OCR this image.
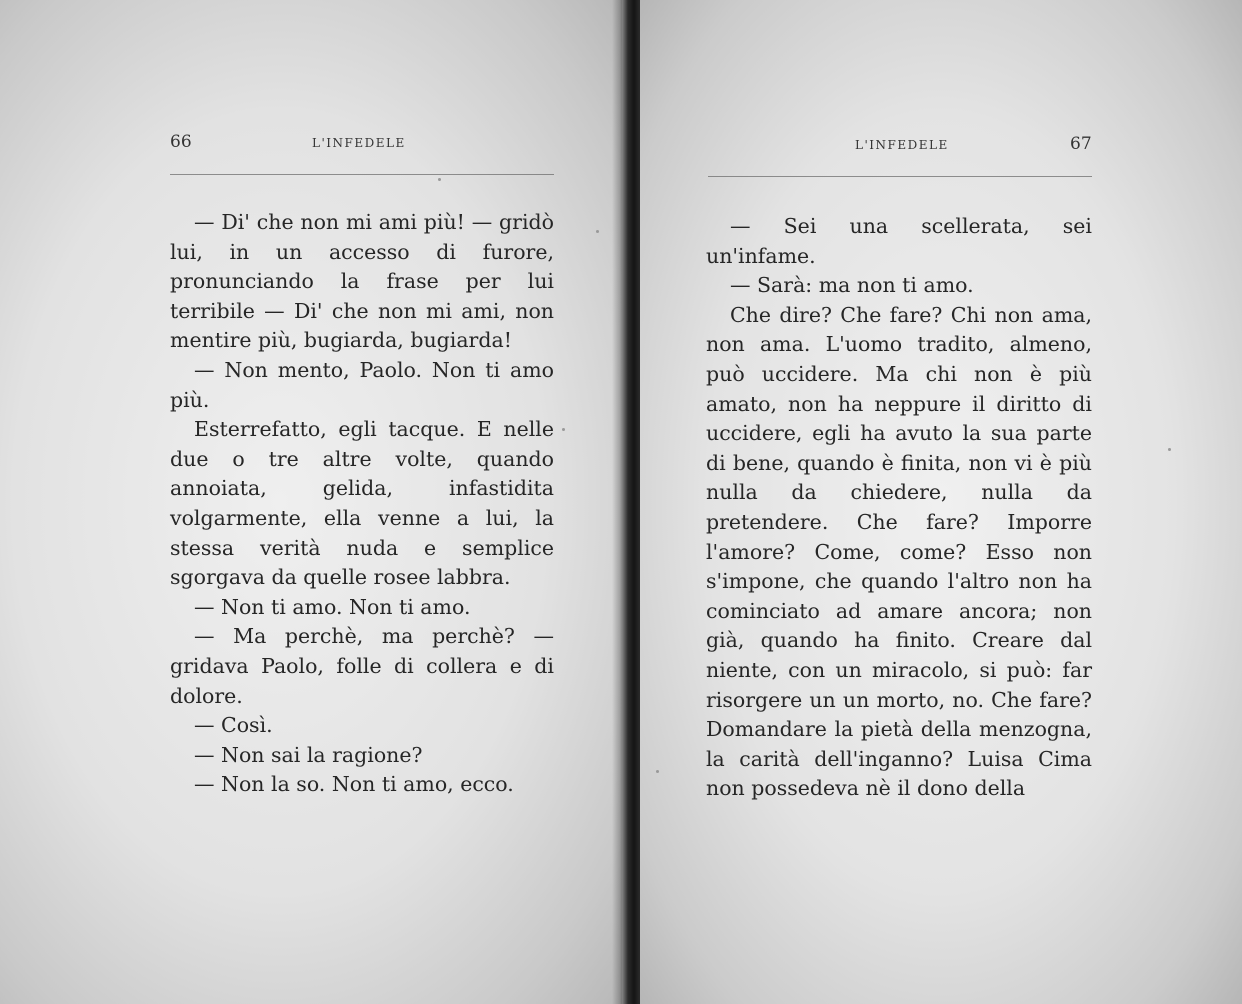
66	L'INFEDELE

— Di' che non mi ami più! — gridò lui, in un accesso di furore, pronunciando la frase per lui terribile — Di' che non mi ami, non mentire più, bugiarda, bugiarda!

— Non mento, Paolo. Non ti amo più.

Esterrefatto, egli tacque. E nelle due o tre altre volte, quando annoiata, gelida, infastidita volgarmente, ella venne a lui, la stessa verità nuda e semplice sgorgava da quelle rosee labbra.

— Non ti amo. Non ti amo.

— Ma perchè, ma perchè? — gridava Paolo, folle di collera e di dolore.

— Così.

— Non sai la ragione?

— Non la so. Non ti amo, ecco.

L'INFEDELE	67

— Sei una scellerata, sei un'infame.

— Sarà: ma non ti amo.

Che dire? Che fare? Chi non ama, non ama. L'uomo tradito, almeno, può uccidere. Ma chi non è più amato, non ha neppure il diritto di uccidere, egli ha avuto la sua parte di bene, quando è finita, non vi è più nulla da chiedere, nulla da pretendere. Che fare? Imporre l'amore? Come, come? Esso non s'impone, che quando l'altro non ha cominciato ad amare ancora; non già, quando ha finito. Creare dal niente, con un miracolo, si può: far risorgere un un morto, no. Che fare? Domandare la pietà della menzogna, la carità dell'inganno? Luisa Cima non possedeva nè il dono della
